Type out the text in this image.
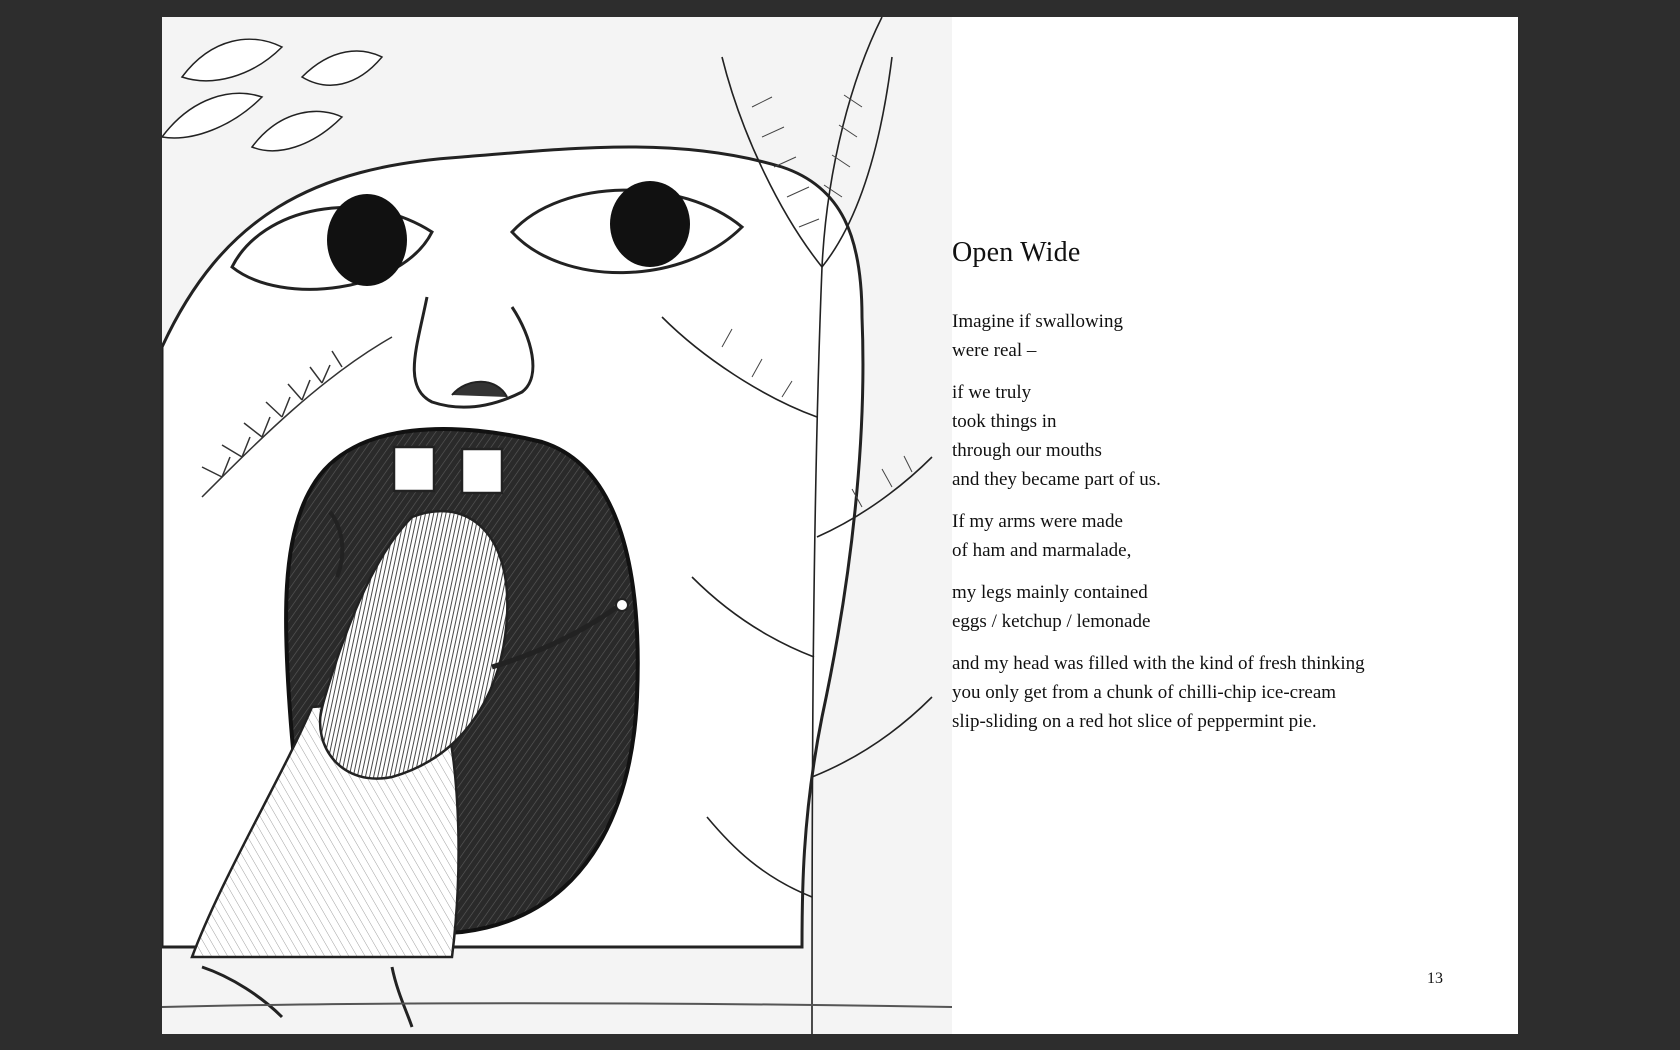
Open Wide
Imagine if swallowing
were real –
if we truly
took things in
through our mouths
and they became part of us.
If my arms were made
of ham and marmalade,
my legs mainly contained
eggs / ketchup / lemonade
and my head was filled with the kind of fresh thinking
you only get from a chunk of chilli-chip ice-cream
slip-sliding on a red hot slice of peppermint pie.
13
